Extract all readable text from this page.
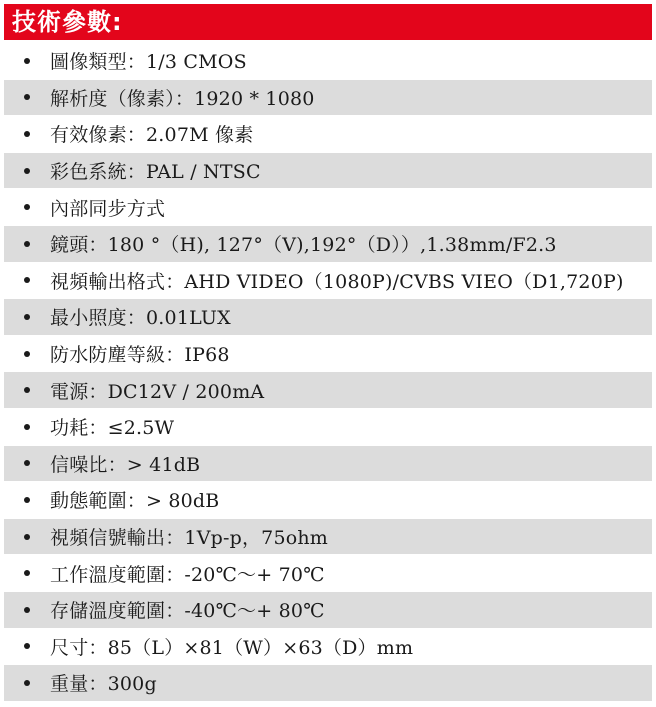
技術參數:
圖像類型：1/3 CMOS
解析度（像素）：1920 * 1080
有效像素：2.07M 像素
彩色系統：PAL / NTSC
內部同步方式
鏡頭：180 °（H), 127°（V),192°（D））,1.38mm/F2.3
視頻輸出格式：AHD VIDEO（1080P)/CVBS VIEO（D1,720P)
最小照度：0.01LUX
防水防塵等級：IP68
電源：DC12V / 200mA
功耗：≤2.5W
信噪比：> 41dB
動態範圍：> 80dB
視頻信號輸出：1Vp-p，75ohm
工作溫度範圍：-20℃～+ 70℃
存儲溫度範圍：-40℃～+ 80℃
尺寸：85（L）×81（W）×63（D）mm
重量：300g
